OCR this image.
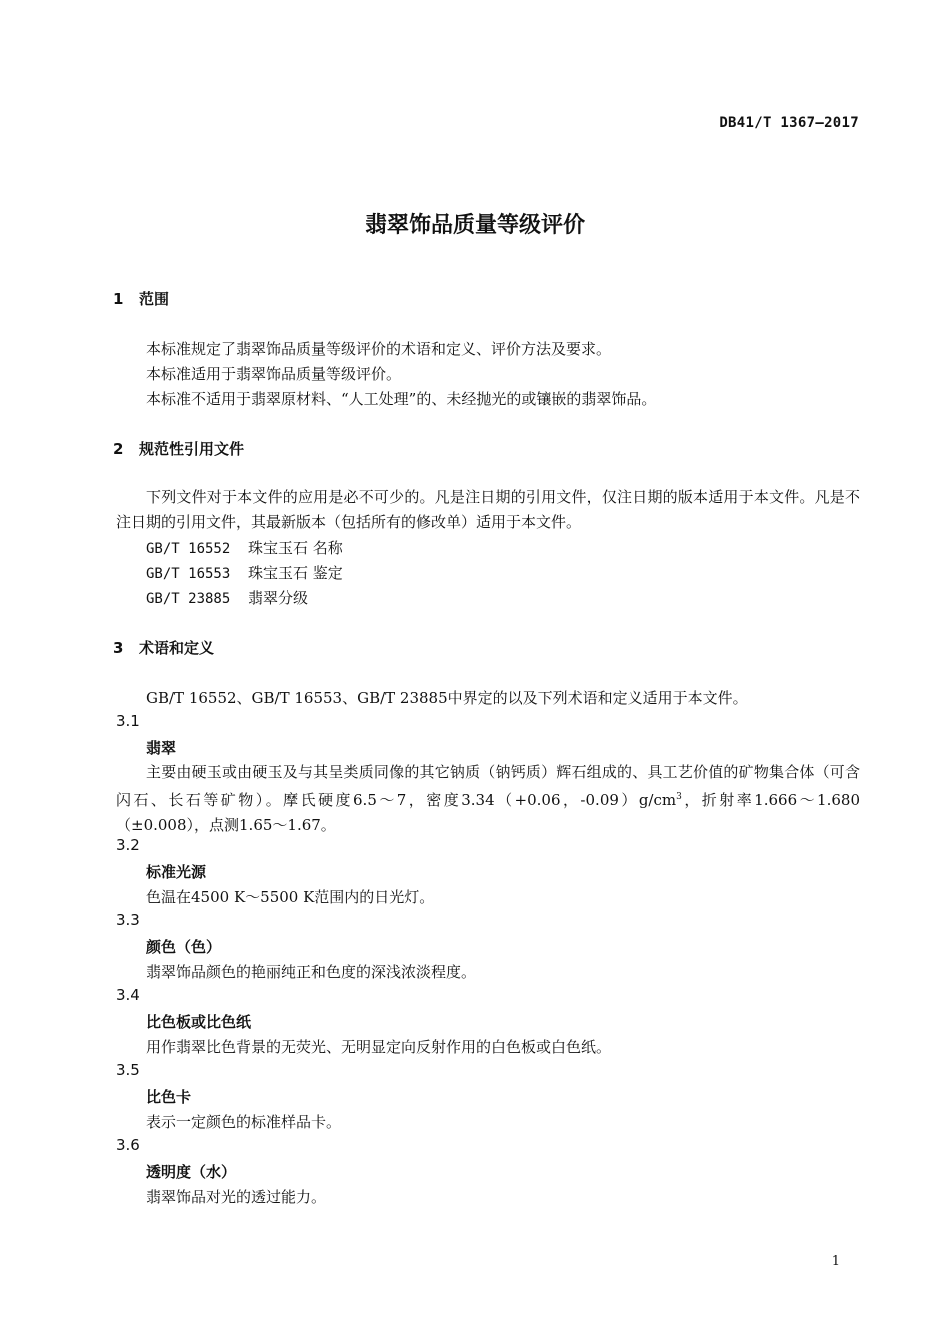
DB41/T 1367—2017
翡翠饰品质量等级评价
1 范围
本标准规定了翡翠饰品质量等级评价的术语和定义、评价方法及要求。
本标准适用于翡翠饰品质量等级评价。
本标准不适用于翡翠原材料、“人工处理”的、未经抛光的或镶嵌的翡翠饰品。
2 规范性引用文件
下列文件对于本文件的应用是必不可少的。凡是注日期的引用文件，仅注日期的版本适用于本文件。凡是不注日期的引用文件，其最新版本（包括所有的修改单）适用于本文件。
GB/T 16552 珠宝玉石 名称
GB/T 16553 珠宝玉石 鉴定
GB/T 23885 翡翠分级
3 术语和定义
GB/T 16552、GB/T 16553、GB/T 23885中界定的以及下列术语和定义适用于本文件。
3.1
翡翠
主要由硬玉或由硬玉及与其呈类质同像的其它钠质（钠钙质）辉石组成的、具工艺价值的矿物集合体（可含闪石、长石等矿物）。摩氏硬度6.5～7，密度3.34（+0.06，$-0.09)g/cm^3$，折射率1.666～1.680（±0.008），点测1.65～1.67。
3.2
标准光源
色温在4500 K～5500 K范围内的日光灯。
3.3
颜色（色）
翡翠饰品颜色的艳丽纯正和色度的深浅浓淡程度。
3.4
比色板或比色纸
用作翡翠比色背景的无荧光、无明显定向反射作用的白色板或白色纸。
3.5
比色卡
表示一定颜色的标准样品卡。
3.6
透明度（水）
翡翠饰品对光的透过能力。
1
